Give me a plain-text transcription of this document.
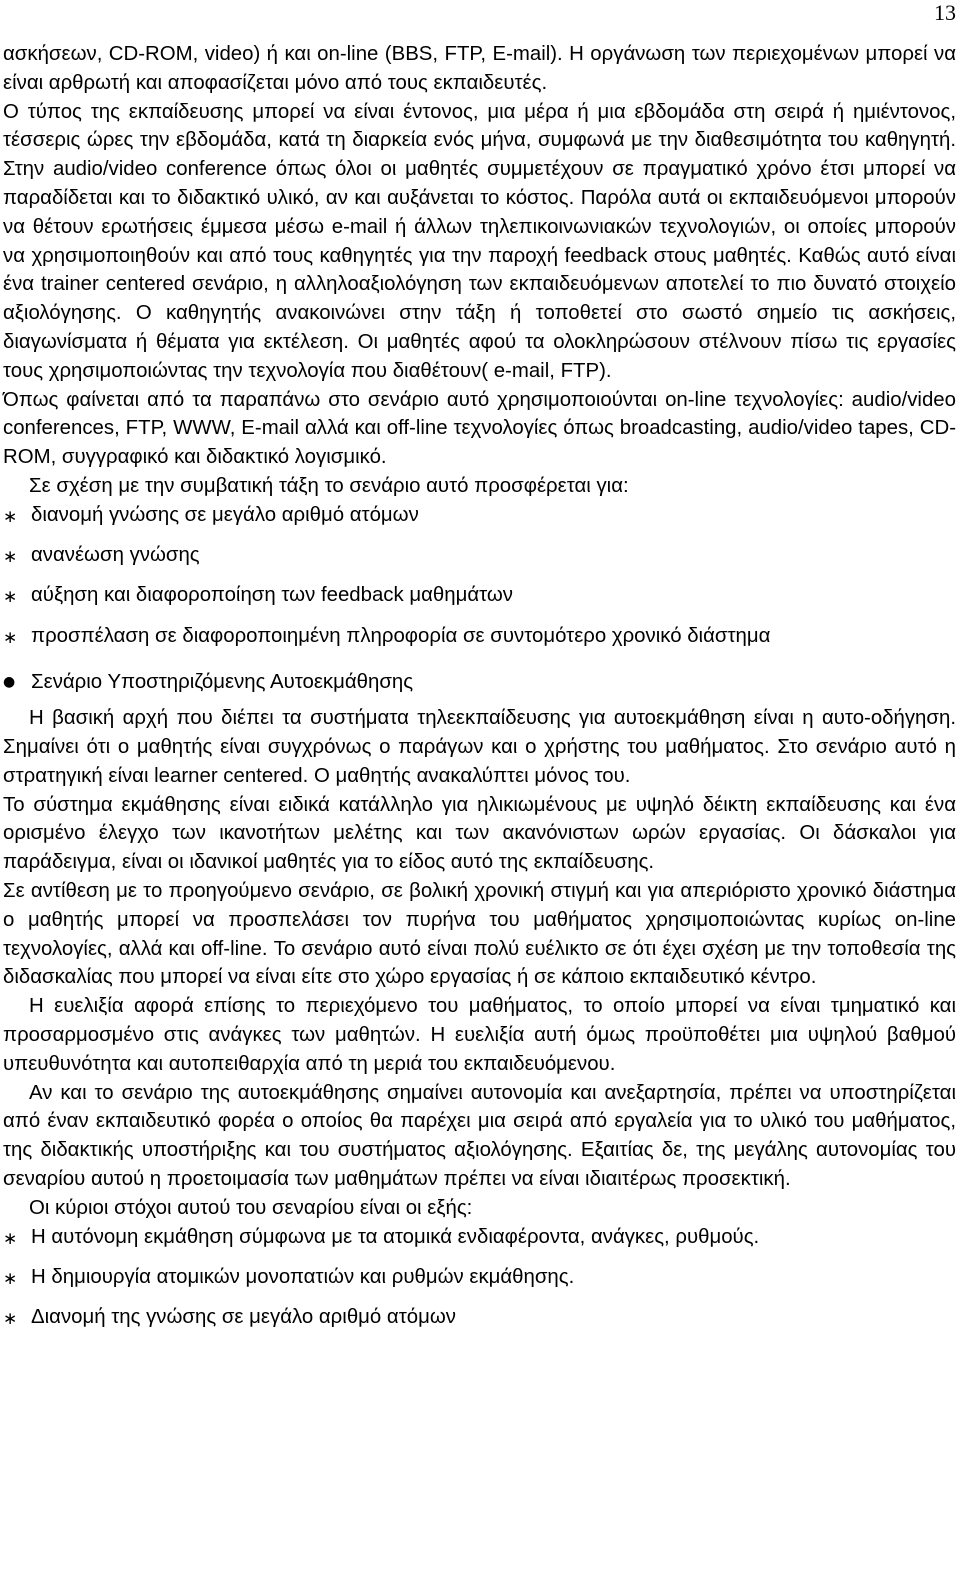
13

ασκήσεων, CD-ROM, video) ή και on-line (BBS, FTP, E-mail). Η οργάνωση των περιεχομένων μπορεί να είναι αρθρωτή και αποφασίζεται μόνο από τους εκπαιδευτές.

Ο τύπος της εκπαίδευσης μπορεί να είναι έντονος, μια μέρα ή μια εβδομάδα στη σειρά ή ημιέντονος, τέσσερις ώρες την εβδομάδα, κατά τη διαρκεία ενός μήνα, συμφωνά με την διαθεσιμότητα του καθηγητή. Στην audio/video conference όπως όλοι οι μαθητές συμμετέχουν σε πραγματικό χρόνο έτσι μπορεί να παραδίδεται και το διδακτικό υλικό, αν και αυξάνεται το κόστος. Παρόλα αυτά οι εκπαιδευόμενοι μπορούν να θέτουν ερωτήσεις έμμεσα μέσω e-mail ή άλλων τηλεπικοινωνιακών τεχνολογιών, οι οποίες μπορούν να χρησιμοποιηθούν και από τους καθηγητές για την παροχή feedback στους μαθητές. Καθώς αυτό είναι ένα trainer centered σενάριο, η αλληλοαξιολόγηση των εκπαιδευόμενων αποτελεί το πιο δυνατό στοιχείο αξιολόγησης. Ο καθηγητής ανακοινώνει στην τάξη ή τοποθετεί στο σωστό σημείο τις ασκήσεις, διαγωνίσματα ή θέματα για εκτέλεση. Οι μαθητές αφού τα ολοκληρώσουν στέλνουν πίσω τις εργασίες τους χρησιμοποιώντας την τεχνολογία που διαθέτουν( e-mail, FTP).

Όπως φαίνεται από τα παραπάνω στο σενάριο αυτό χρησιμοποιούνται on-line τεχνολογίες: audio/video conferences, FTP, WWW, E-mail αλλά και off-line τεχνολογίες όπως broadcasting, audio/video tapes, CD-ROM, συγγραφικό και διδακτικό λογισμικό.

Σε σχέση με την συμβατική τάξη το σενάριο αυτό προσφέρεται για:

∗ διανομή γνώσης σε μεγάλο αριθμό ατόμων
∗ ανανέωση γνώσης
∗ αύξηση και διαφοροποίηση των feedback μαθημάτων
∗ προσπέλαση σε διαφοροποιημένη πληροφορία σε συντομότερο χρονικό διάστημα
● Σενάριο Υποστηριζόμενης Αυτοεκμάθησης

Η βασική αρχή που διέπει τα συστήματα τηλεεκπαίδευσης για αυτοεκμάθηση είναι η αυτο-οδήγηση. Σημαίνει ότι ο μαθητής είναι συγχρόνως ο παράγων και ο χρήστης του μαθήματος. Στο σενάριο αυτό η στρατηγική είναι learner centered. Ο μαθητής ανακαλύπτει μόνος του.

Το σύστημα εκμάθησης είναι ειδικά κατάλληλο για ηλικιωμένους με υψηλό δέικτη εκπαίδευσης και ένα ορισμένο έλεγχο των ικανοτήτων μελέτης και των ακανόνιστων ωρών εργασίας. Οι δάσκαλοι για παράδειγμα, είναι οι ιδανικοί μαθητές για το είδος αυτό της εκπαίδευσης.

Σε αντίθεση με το προηγούμενο σενάριο, σε βολική χρονική στιγμή και για απεριόριστο χρονικό διάστημα ο μαθητής μπορεί να προσπελάσει τον πυρήνα του μαθήματος χρησιμοποιώντας κυρίως on-line τεχνολογίες, αλλά και off-line. Το σενάριο αυτό είναι πολύ ευέλικτο σε ότι έχει σχέση με την τοποθεσία της διδασκαλίας που μπορεί να είναι είτε στο χώρο εργασίας ή σε κάποιο εκπαιδευτικό κέντρο.

Η ευελιξία αφορά επίσης το περιεχόμενο του μαθήματος, το οποίο μπορεί να είναι τμηματικό και προσαρμοσμένο στις ανάγκες των μαθητών. Η ευελιξία αυτή όμως προϋποθέτει μια υψηλού βαθμού υπευθυνότητα και αυτοπειθαρχία από τη μεριά του εκπαιδευόμενου.

Αν και το σενάριο της αυτοεκμάθησης σημαίνει αυτονομία και ανεξαρτησία, πρέπει να υποστηρίζεται από έναν εκπαιδευτικό φορέα ο οποίος θα παρέχει μια σειρά από εργαλεία για το υλικό του μαθήματος, της διδακτικής υποστήριξης και του συστήματος αξιολόγησης. Εξαιτίας δε, της μεγάλης αυτονομίας του σεναρίου αυτού η προετοιμασία των μαθημάτων πρέπει να είναι ιδιαιτέρως προσεκτική.

Οι κύριοι στόχοι αυτού του σεναρίου είναι οι εξής:

∗ Η αυτόνομη εκμάθηση σύμφωνα με τα ατομικά ενδιαφέροντα, ανάγκες, ρυθμούς.
∗ Η δημιουργία ατομικών μονοπατιών και ρυθμών εκμάθησης.
∗ Διανομή της γνώσης σε μεγάλο αριθμό ατόμων
